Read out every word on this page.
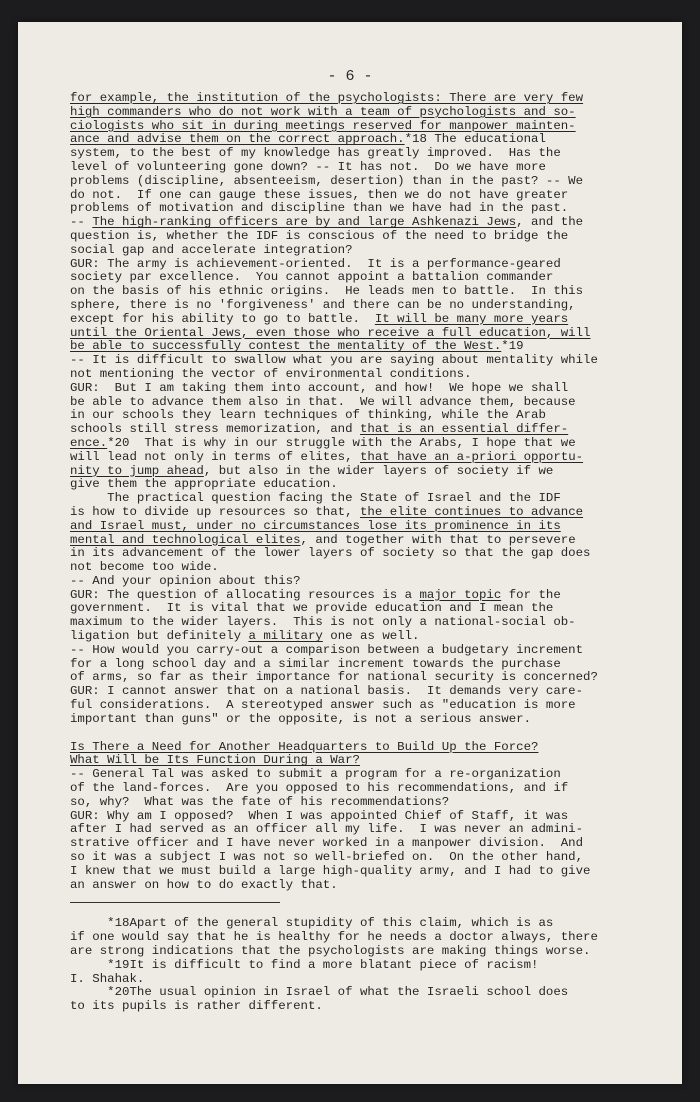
- 6 -
for example, the institution of the psychologists: There are very few
high commanders who do not work with a team of psychologists and so-
ciologists who sit in during meetings reserved for manpower mainten-
ance and advise them on the correct approach.*18 The educational
system, to the best of my knowledge has greatly improved.  Has the
level of volunteering gone down? -- It has not.  Do we have more
problems (discipline, absenteeism, desertion) than in the past? -- We
do not.  If one can gauge these issues, then we do not have greater
problems of motivation and discipline than we have had in the past.
-- The high-ranking officers are by and large Ashkenazi Jews, and the
question is, whether the IDF is conscious of the need to bridge the
social gap and accelerate integration?
GUR: The army is achievement-oriented.  It is a performance-geared
society par excellence.  You cannot appoint a battalion commander
on the basis of his ethnic origins.  He leads men to battle.  In this
sphere, there is no 'forgiveness' and there can be no understanding,
except for his ability to go to battle.  It will be many more years
until the Oriental Jews, even those who receive a full education, will
be able to successfully contest the mentality of the West.*19
-- It is difficult to swallow what you are saying about mentality while
not mentioning the vector of environmental conditions.
GUR:  But I am taking them into account, and how!  We hope we shall
be able to advance them also in that.  We will advance them, because
in our schools they learn techniques of thinking, while the Arab
schools still stress memorization, and that is an essential differ-
ence.*20  That is why in our struggle with the Arabs, I hope that we
will lead not only in terms of elites, that have an a-priori opportu-
nity to jump ahead, but also in the wider layers of society if we
give them the appropriate education.
The practical question facing the State of Israel and the IDF
is how to divide up resources so that, the elite continues to advance
and Israel must, under no circumstances lose its prominence in its
mental and technological elites, and together with that to persevere
in its advancement of the lower layers of society so that the gap does
not become too wide.
-- And your opinion about this?
GUR: The question of allocating resources is a major topic for the
government.  It is vital that we provide education and I mean the
maximum to the wider layers.  This is not only a national-social ob-
ligation but definitely a military one as well.
-- How would you carry-out a comparison between a budgetary increment
for a long school day and a similar increment towards the purchase
of arms, so far as their importance for national security is concerned?
GUR: I cannot answer that on a national basis.  It demands very care-
ful considerations.  A stereotyped answer such as "education is more
important than guns" or the opposite, is not a serious answer.
Is There a Need for Another Headquarters to Build Up the Force?
What Will be Its Function During a War?
-- General Tal was asked to submit a program for a re-organization
of the land-forces.  Are you opposed to his recommendations, and if
so, why?  What was the fate of his recommendations?
GUR: Why am I opposed?  When I was appointed Chief of Staff, it was
after I had served as an officer all my life.  I was never an admini-
strative officer and I have never worked in a manpower division.  And
so it was a subject I was not so well-briefed on.  On the other hand,
I knew that we must build a large high-quality army, and I had to give
an answer on how to do exactly that.
*18Apart of the general stupidity of this claim, which is as
if one would say that he is healthy for he needs a doctor always, there
are strong indications that the psychologists are making things worse.
*19It is difficult to find a more blatant piece of racism!
I. Shahak.
*20The usual opinion in Israel of what the Israeli school does
to its pupils is rather different.
